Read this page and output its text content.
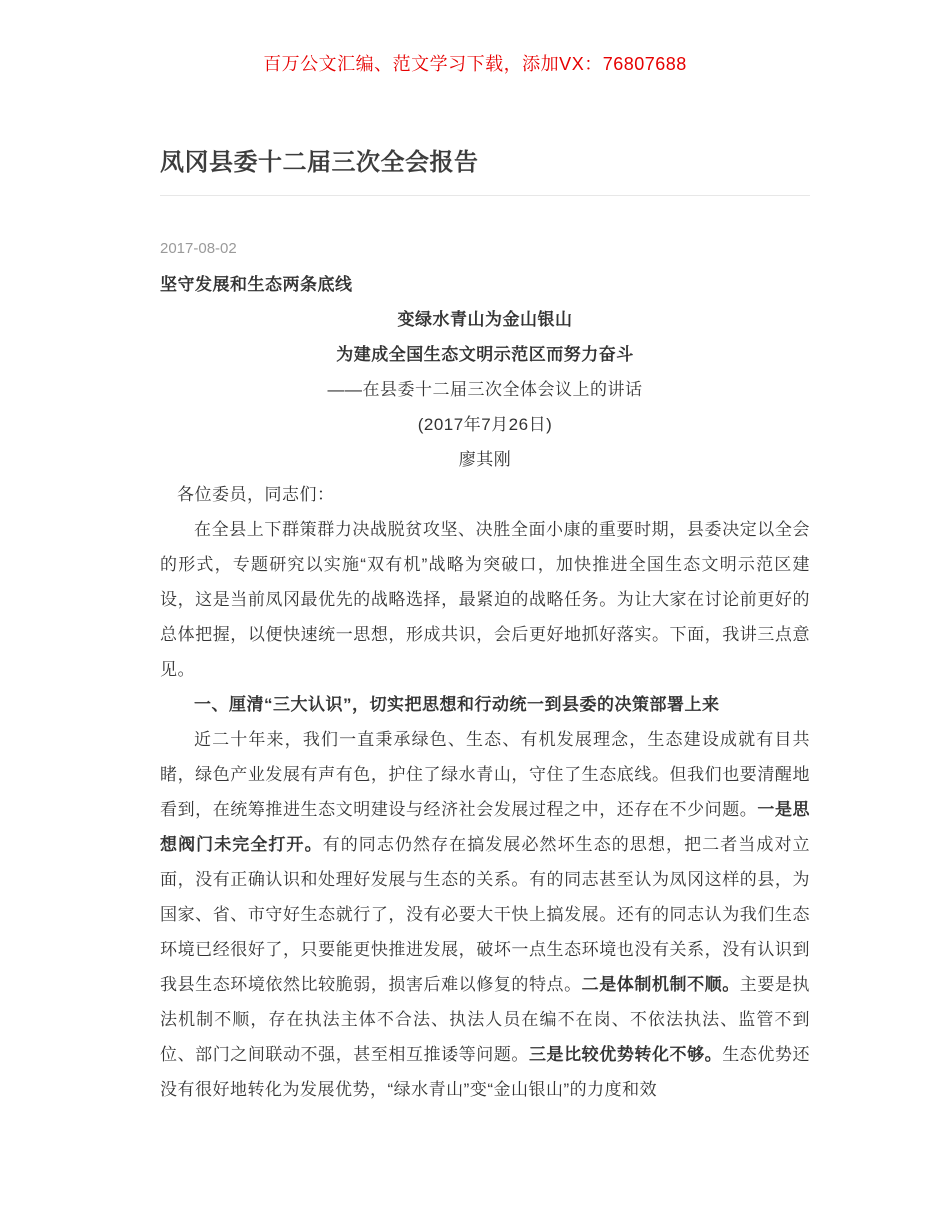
百万公文汇编、范文学习下载，添加VX：76807688
凤冈县委十二届三次全会报告
2017-08-02
坚守发展和生态两条底线
变绿水青山为金山银山
为建成全国生态文明示范区而努力奋斗
——在县委十二届三次全体会议上的讲话
(2017年7月26日)
廖其刚
各位委员，同志们：

在全县上下群策群力决战脱贫攻坚、决胜全面小康的重要时期，县委决定以全会的形式，专题研究以实施“双有机”战略为突破口，加快推进全国生态文明示范区建设，这是当前凤冈最优先的战略选择，最紧迫的战略任务。为让大家在讨论前更好的总体把握，以便快速统一思想，形成共识，会后更好地抓好落实。下面，我讲三点意见。

一、厘清“三大认识”，切实把思想和行动统一到县委的决策部署上来

近二十年来，我们一直秉承绿色、生态、有机发展理念，生态建设成就有目共睹，绿色产业发展有声有色，护住了绿水青山，守住了生态底线。但我们也要清醒地看到，在统筹推进生态文明建设与经济社会发展过程之中，还存在不少问题。一是思想阀门未完全打开。有的同志仍然存在搞发展必然坏生态的思想，把二者当成对立面，没有正确认识和处理好发展与生态的关系。有的同志甚至认为凤冈这样的县，为国家、省、市守好生态就行了，没有必要大干快上搞发展。还有的同志认为我们生态环境已经很好了，只要能更快推进发展，破坏一点生态环境也没有关系，没有认识到我县生态环境依然比较脆弱，损害后难以修复的特点。二是体制机制不顺。主要是执法机制不顺，存在执法主体不合法、执法人员在编不在岗、不依法执法、监管不到位、部门之间联动不强，甚至相互推诿等问题。三是比较优势转化不够。生态优势还没有很好地转化为发展优势，“绿水青山”变“金山银山”的力度和效
